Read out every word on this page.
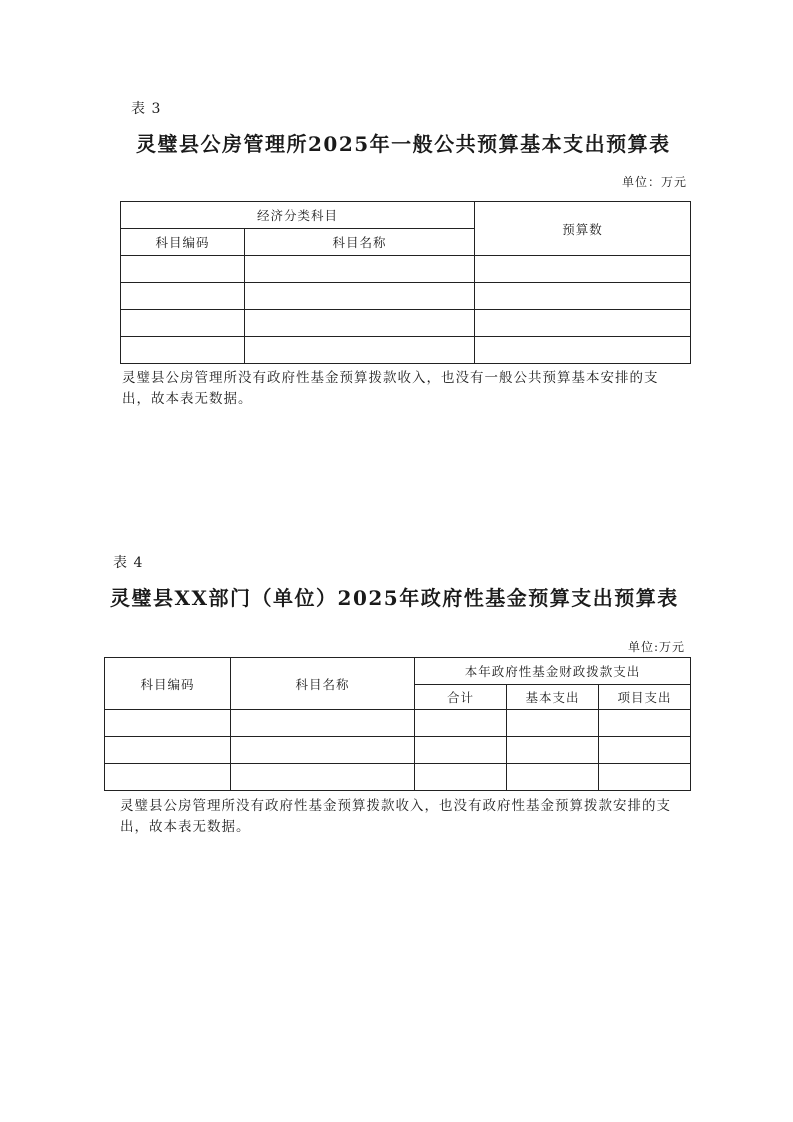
表 3
灵璧县公房管理所2025年一般公共预算基本支出预算表
单位：万元
经济分类科目		预算数
科目编码	科目名称	

灵璧县公房管理所没有政府性基金预算拨款收入，也没有一般公共预算基本安排的支出，故本表无数据。
表 4
灵璧县XX部门（单位）2025年政府性基金预算支出预算表
单位:万元
科目编码	科目名称	本年政府性基金财政拨款支出		
		合计	基本支出	项目支出

灵璧县公房管理所没有政府性基金预算拨款收入，也没有政府性基金预算拨款安排的支出，故本表无数据。
